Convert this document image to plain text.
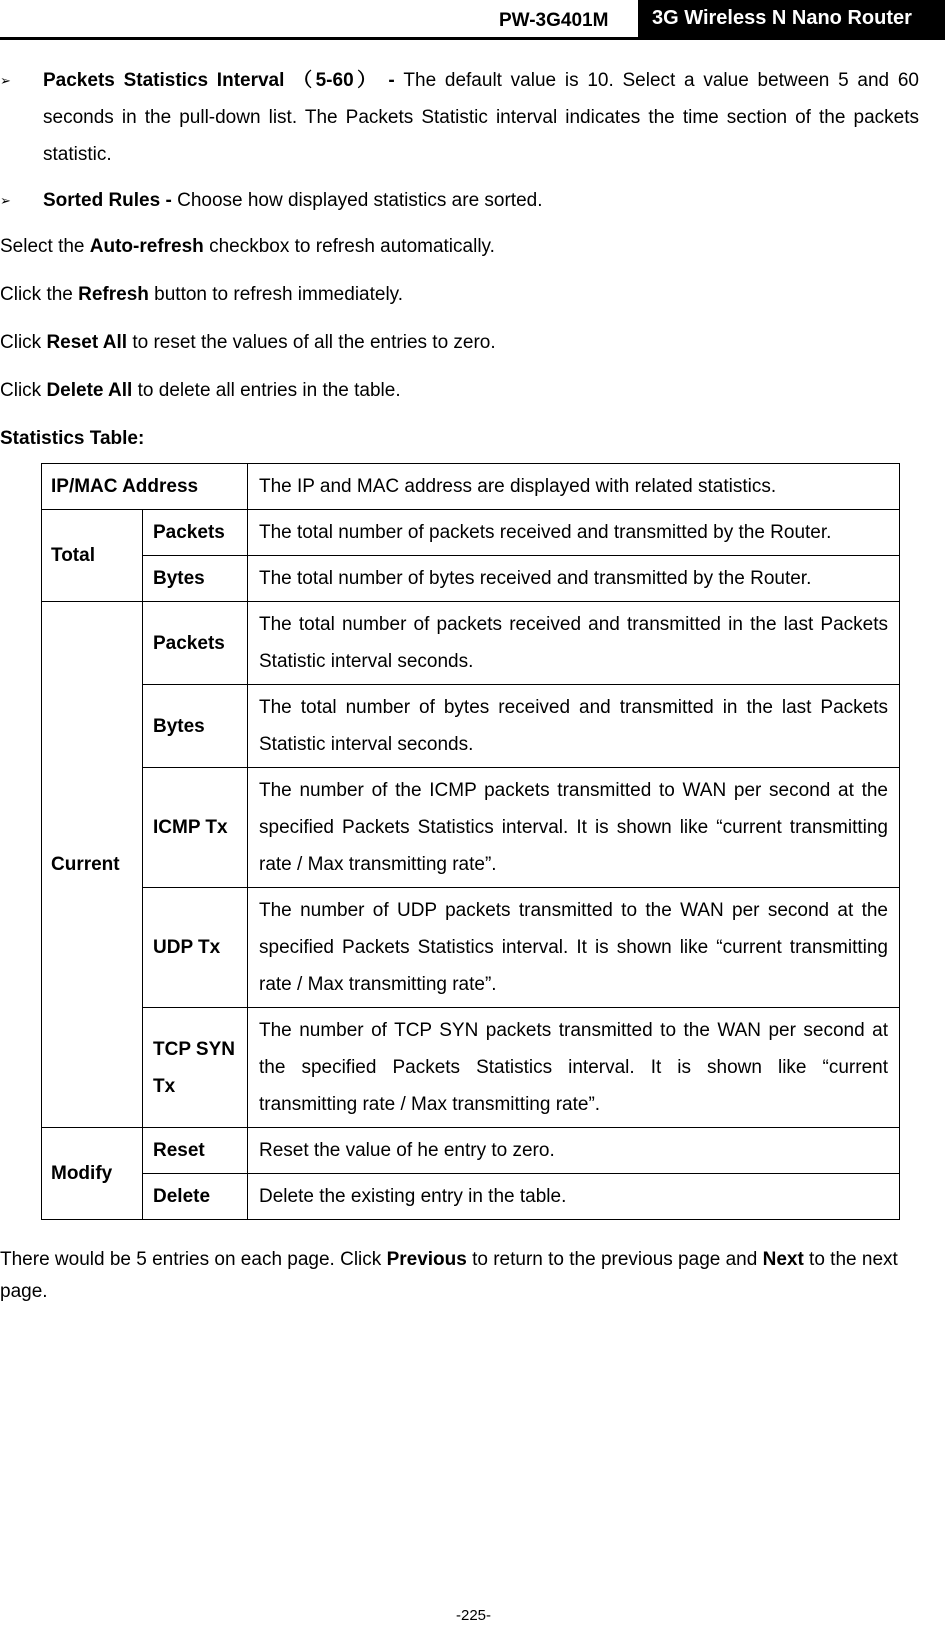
PW-3G401M	3G Wireless N Nano Router
➢ Packets Statistics Interval （5-60） - The default value is 10. Select a value between 5 and 60 seconds in the pull-down list. The Packets Statistic interval indicates the time section of the packets statistic.
➢ Sorted Rules - Choose how displayed statistics are sorted.

Select the Auto-refresh checkbox to refresh automatically.

Click the Refresh button to refresh immediately.

Click Reset All to reset the values of all the entries to zero.

Click Delete All to delete all entries in the table.

Statistics Table:

IP/MAC Address		The IP and MAC address are displayed with related statistics.
Total	Packets	The total number of packets received and transmitted by the Router.
	Bytes	The total number of bytes received and transmitted by the Router.
Current	Packets	The total number of packets received and transmitted in the last Packets Statistic interval seconds.
	Bytes	The total number of bytes received and transmitted in the last Packets Statistic interval seconds.
	ICMP Tx	The number of the ICMP packets transmitted to WAN per second at the specified Packets Statistics interval. It is shown like “current transmitting rate / Max transmitting rate”.
	UDP Tx	The number of UDP packets transmitted to the WAN per second at the specified Packets Statistics interval. It is shown like “current transmitting rate / Max transmitting rate”.
	TCP SYN Tx	The number of TCP SYN packets transmitted to the WAN per second at the specified Packets Statistics interval. It is shown like “current transmitting rate / Max transmitting rate”.
Modify	Reset	Reset the value of he entry to zero.
	Delete	Delete the existing entry in the table.

There would be 5 entries on each page. Click Previous to return to the previous page and Next to the next page.

-225-
